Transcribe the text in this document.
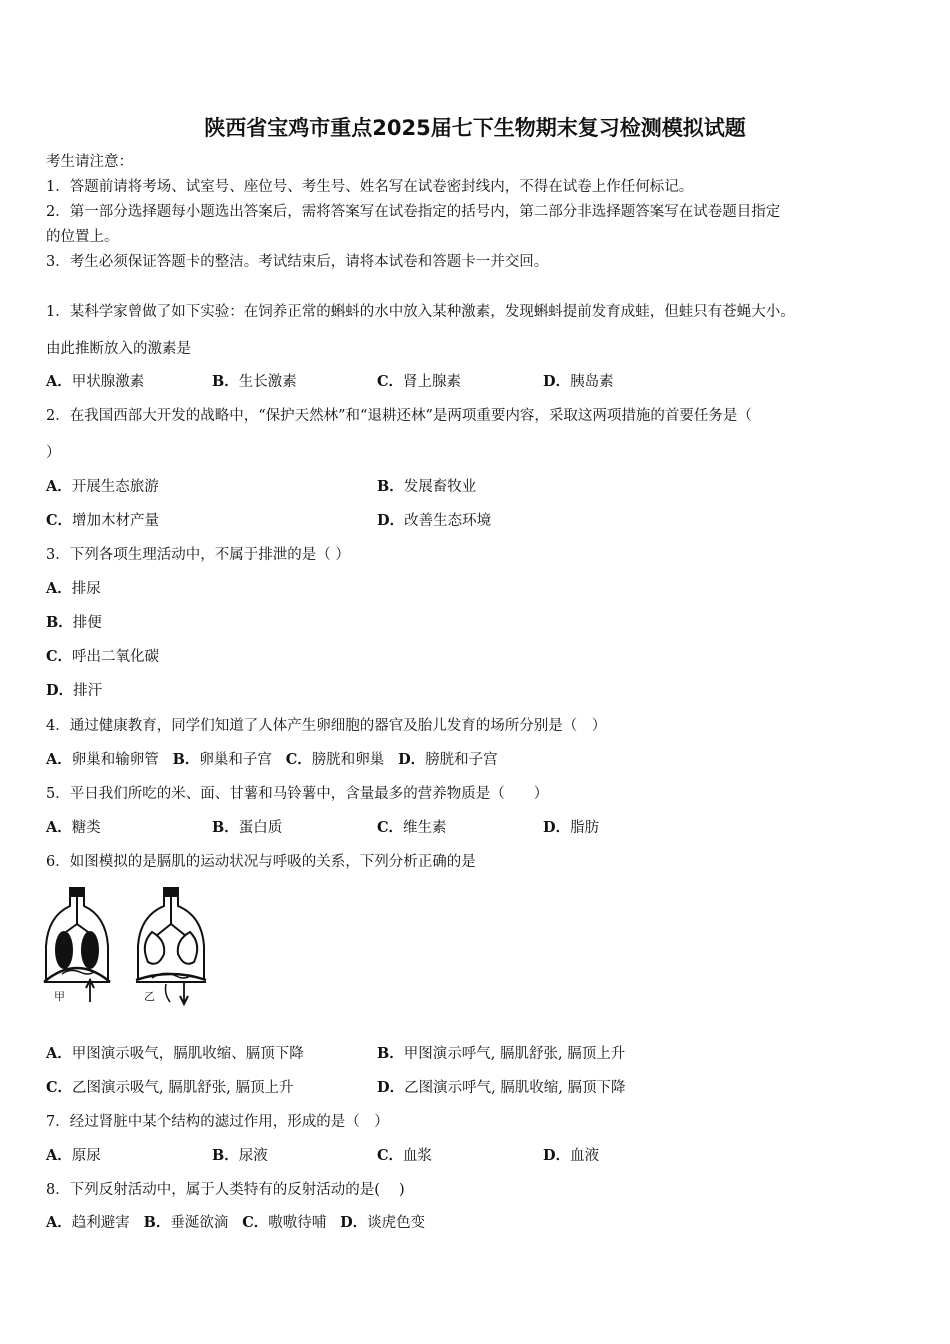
陕西省宝鸡市重点2025届七下生物期末复习检测模拟试题
考生请注意：
1．答题前请将考场、试室号、座位号、考生号、姓名写在试卷密封线内，不得在试卷上作任何标记。
2．第一部分选择题每小题选出答案后，需将答案写在试卷指定的括号内，第二部分非选择题答案写在试卷题目指定
的位置上。
3．考生必须保证答题卡的整洁。考试结束后，请将本试卷和答题卡一并交回。
1．某科学家曾做了如下实验：在饲养正常的蝌蚪的水中放入某种激素，发现蝌蚪提前发育成蛙，但蛙只有苍蝇大小。
由此推断放入的激素是
A．甲状腺激素	B．生长激素	C．肾上腺素	D．胰岛素
2．在我国西部大开发的战略中，“保护天然林”和“退耕还林”是两项重要内容，采取这两项措施的首要任务是（
）
A．开展生态旅游	B．发展畜牧业
C．增加木材产量	D．改善生态环境
3．下列各项生理活动中，不属于排泄的是（ ）
A．排尿
B．排便
C．呼出二氧化碳
D．排汗
4．通过健康教育，同学们知道了人体产生卵细胞的器官及胎儿发育的场所分别是（　）
A．卵巢和输卵管 B．卵巢和子宫 C．膀胱和卵巢 D．膀胱和子宫
5．平日我们所吃的米、面、甘薯和马铃薯中，含量最多的营养物质是（　　）
A．糖类	B．蛋白质	C．维生素	D．脂肪
6．如图模拟的是膈肌的运动状况与呼吸的关系，下列分析正确的是
甲	乙
A．甲图演示吸气，膈肌收缩、膈顶下降	B．甲图演示呼气, 膈肌舒张, 膈顶上升
C．乙图演示吸气, 膈肌舒张, 膈顶上升	D．乙图演示呼气, 膈肌收缩, 膈顶下降
7．经过肾脏中某个结构的滤过作用，形成的是（　）
A．原尿	B．尿液	C．血浆	D．血液
8．下列反射活动中，属于人类特有的反射活动的是(　 )
A．趋利避害 B．垂涎欲滴 C．嗷嗷待哺 D．谈虎色变
